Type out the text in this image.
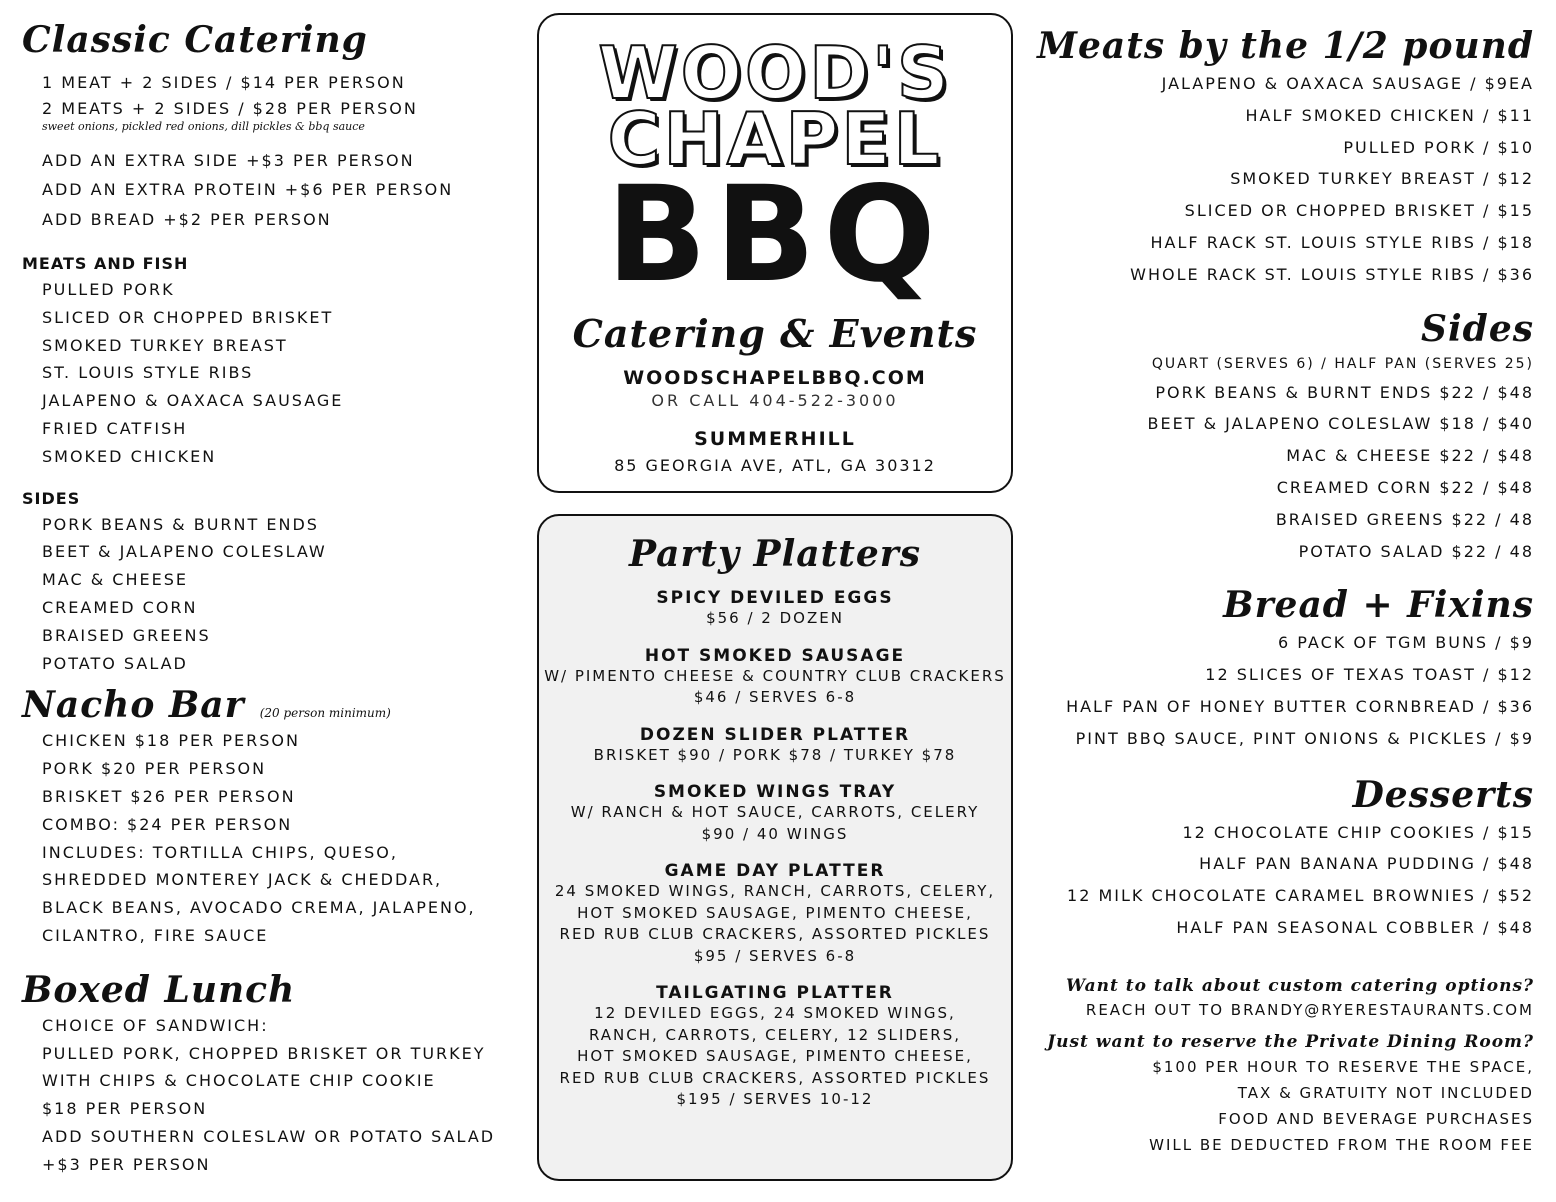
Classic Catering
1 MEAT + 2 SIDES / $14 PER PERSON
2 MEATS + 2 SIDES / $28 PER PERSON
sweet onions, pickled red onions, dill pickles & bbq sauce
ADD AN EXTRA SIDE +$3 PER PERSON
ADD AN EXTRA PROTEIN +$6 PER PERSON
ADD BREAD +$2 PER PERSON
MEATS AND FISH
PULLED PORK
SLICED OR CHOPPED BRISKET
SMOKED TURKEY BREAST
ST. LOUIS STYLE RIBS
JALAPENO & OAXACA SAUSAGE
FRIED CATFISH
SMOKED CHICKEN
SIDES
PORK BEANS & BURNT ENDS
BEET & JALAPENO COLESLAW
MAC & CHEESE
CREAMED CORN
BRAISED GREENS
POTATO SALAD
Nacho Bar (20 person minimum)
CHICKEN $18 PER PERSON
PORK $20 PER PERSON
BRISKET $26 PER PERSON
COMBO: $24 PER PERSON
INCLUDES: TORTILLA CHIPS, QUESO,
SHREDDED MONTEREY JACK & CHEDDAR,
BLACK BEANS, AVOCADO CREMA, JALAPENO,
CILANTRO, FIRE SAUCE
Boxed Lunch
CHOICE OF SANDWICH:
PULLED PORK, CHOPPED BRISKET OR TURKEY
WITH CHIPS & CHOCOLATE CHIP COOKIE
$18 PER PERSON
ADD SOUTHERN COLESLAW OR POTATO SALAD
+$3 PER PERSON
WOOD'S
CHAPEL
BBQ
Catering & Events
WOODSCHAPELBBQ.COM
OR CALL 404-522-3000
SUMMERHILL
85 GEORGIA AVE, ATL, GA 30312
Party Platters
SPICY DEVILED EGGS
$56 / 2 DOZEN
HOT SMOKED SAUSAGE
W/ PIMENTO CHEESE & COUNTRY CLUB CRACKERS
$46 / SERVES 6-8
DOZEN SLIDER PLATTER
BRISKET $90 / PORK $78 / TURKEY $78
SMOKED WINGS TRAY
W/ RANCH & HOT SAUCE, CARROTS, CELERY
$90 / 40 WINGS
GAME DAY PLATTER
24 SMOKED WINGS, RANCH, CARROTS, CELERY,
HOT SMOKED SAUSAGE, PIMENTO CHEESE,
RED RUB CLUB CRACKERS, ASSORTED PICKLES
$95 / SERVES 6-8
TAILGATING PLATTER
12 DEVILED EGGS, 24 SMOKED WINGS,
RANCH, CARROTS, CELERY, 12 SLIDERS,
HOT SMOKED SAUSAGE, PIMENTO CHEESE,
RED RUB CLUB CRACKERS, ASSORTED PICKLES
$195 / SERVES 10-12
Meats by the 1/2 pound
JALAPENO & OAXACA SAUSAGE / $9EA
HALF SMOKED CHICKEN / $11
PULLED PORK / $10
SMOKED TURKEY BREAST / $12
SLICED OR CHOPPED BRISKET / $15
HALF RACK ST. LOUIS STYLE RIBS / $18
WHOLE RACK ST. LOUIS STYLE RIBS / $36
Sides
QUART (SERVES 6) / HALF PAN (SERVES 25)
PORK BEANS & BURNT ENDS $22 / $48
BEET & JALAPENO COLESLAW $18 / $40
MAC & CHEESE $22 / $48
CREAMED CORN $22 / $48
BRAISED GREENS $22 / 48
POTATO SALAD $22 / 48
Bread + Fixins
6 PACK OF TGM BUNS / $9
12 SLICES OF TEXAS TOAST / $12
HALF PAN OF HONEY BUTTER CORNBREAD / $36
PINT BBQ SAUCE, PINT ONIONS & PICKLES / $9
Desserts
12 CHOCOLATE CHIP COOKIES / $15
HALF PAN BANANA PUDDING / $48
12 MILK CHOCOLATE CARAMEL BROWNIES / $52
HALF PAN SEASONAL COBBLER / $48
Want to talk about custom catering options?
REACH OUT TO BRANDY@RYERESTAURANTS.COM
Just want to reserve the Private Dining Room?
$100 PER HOUR TO RESERVE THE SPACE,
TAX & GRATUITY NOT INCLUDED
FOOD AND BEVERAGE PURCHASES
WILL BE DEDUCTED FROM THE ROOM FEE
